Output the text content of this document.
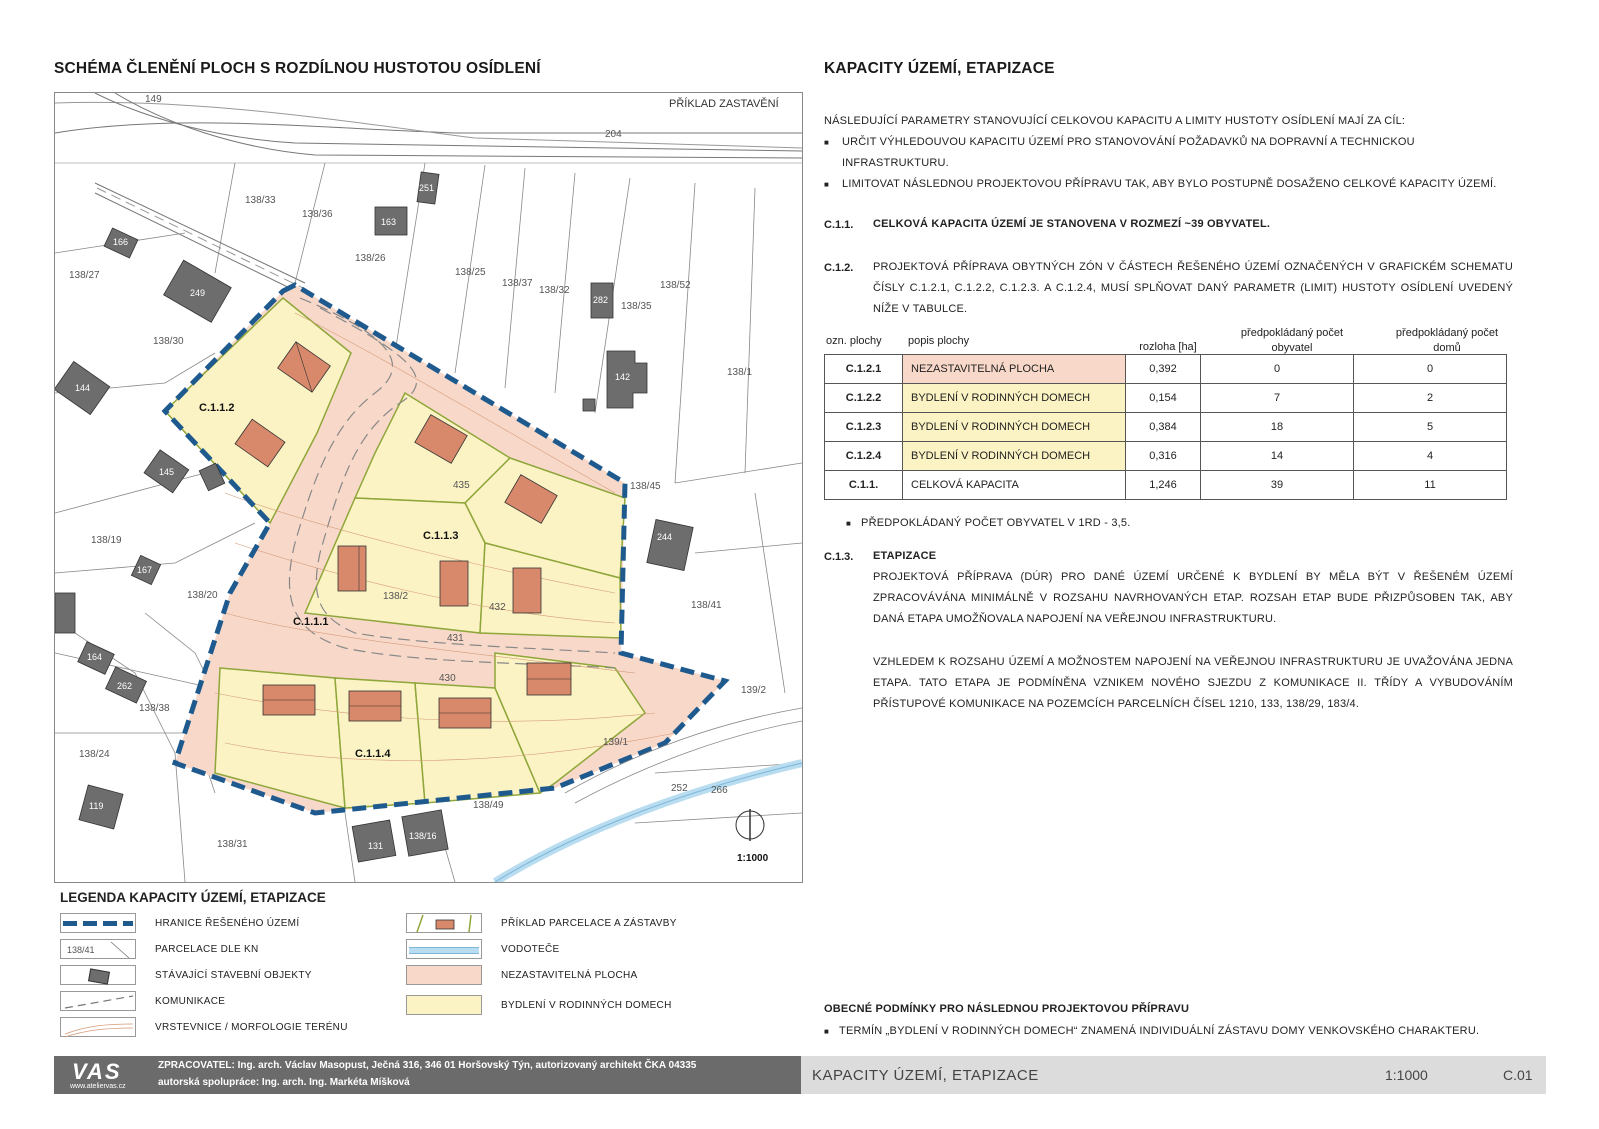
SCHÉMA ČLENĚNÍ PLOCH S ROZDÍLNOU HUSTOTOU OSÍDLENÍ	KAPACITY ÚZEMÍ, ETAPIZACE
138/33
138/36
138/26
138/25
138/37
138/32
138/35
138/52
138/27
138/30
138/1
138/19
138/20
138/41
138/24
138/38
138/31
138/49
138/2
139/2
139/1
138/45
435
432
431
430
252 266
149
204
251
163
166
249
144
145
142
282
244
167
164
262
119
131
138/16
C.1.1.2
C.1.1.3
C.1.1.1
C.1.1.4
PŘÍKLAD ZASTAVĚNÍ
1:1000
LEGENDA KAPACITY ÚZEMÍ, ETAPIZACE
HRANICE ŘEŠENÉHO ÚZEMÍ
138/41	PARCELACE DLE KN
STÁVAJÍCÍ STAVEBNÍ OBJEKTY
KOMUNIKACE
VRSTEVNICE / MORFOLOGIE TERÉNU
PŘÍKLAD PARCELACE A ZÁSTAVBY
VODOTEČE
NEZASTAVITELNÁ PLOCHA
BYDLENÍ V RODINNÝCH DOMECH
NÁSLEDUJÍCÍ PARAMETRY STANOVUJÍCÍ CELKOVOU KAPACITU A LIMITY HUSTOTY OSÍDLENÍ MAJÍ ZA CÍL:
■ URČIT VÝHLEDOUVOU KAPACITU ÚZEMÍ PRO STANOVOVÁNÍ POŽADAVKŮ NA DOPRAVNÍ A TECHNICKOU INFRASTRUKTURU.
■ LIMITOVAT NÁSLEDNOU PROJEKTOVOU PŘÍPRAVU TAK, ABY BYLO POSTUPNĚ DOSAŽENO CELKOVÉ KAPACITY ÚZEMÍ.
C.1.1. CELKOVÁ KAPACITA ÚZEMÍ JE STANOVENA V ROZMEZÍ ~39 OBYVATEL.
C.1.2. PROJEKTOVÁ PŘÍPRAVA OBYTNÝCH ZÓN V ČÁSTECH ŘEŠENÉHO ÚZEMÍ OZNAČENÝCH V GRAFICKÉM SCHEMATU ČÍSLY C.1.2.1, C.1.2.2, C.1.2.3. A C.1.2.4, MUSÍ SPLŇOVAT DANÝ PARAMETR (LIMIT) HUSTOTY OSÍDLENÍ UVEDENÝ NÍŽE V TABULCE.
ozn. plochy popis plochy	rozloha [ha]
předpokládaný počet obyvatel
předpokládaný počet domů
C.1.2.1	NEZASTAVITELNÁ PLOCHA	0,392	0	0
C.1.2.2	BYDLENÍ V RODINNÝCH DOMECH	0,154	7	2
C.1.2.3	BYDLENÍ V RODINNÝCH DOMECH	0,384	18	5
C.1.2.4	BYDLENÍ V RODINNÝCH DOMECH	0,316	14	4
C.1.1.	CELKOVÁ KAPACITA	1,246	39	11
■ PŘEDPOKLÁDANÝ POČET OBYVATEL V 1RD - 3,5.
C.1.3. ETAPIZACE
PROJEKTOVÁ PŘÍPRAVA (DÚR) PRO DANÉ ÚZEMÍ URČENÉ K BYDLENÍ BY MĚLA BÝT V ŘEŠENÉM ÚZEMÍ ZPRACOVÁVÁNA MINIMÁLNĚ V ROZSAHU NAVRHOVANÝCH ETAP. ROZSAH ETAP BUDE PŘIZPŮSOBEN TAK, ABY DANÁ ETAPA UMOŽŇOVALA NAPOJENÍ NA VEŘEJNOU INFRASTRUKTURU.
VZHLEDEM K ROZSAHU ÚZEMÍ A MOŽNOSTEM NAPOJENÍ NA VEŘEJNOU INFRASTRUKTURU JE UVAŽOVÁNA JEDNA ETAPA. TATO ETAPA JE PODMÍNĚNA VZNIKEM NOVÉHO SJEZDU Z KOMUNIKACE II. TŘÍDY A VYBUDOVÁNÍM PŘÍSTUPOVÉ KOMUNIKACE NA POZEMCÍCH PARCELNÍCH ČÍSEL 1210, 133, 138/29, 183/4.
OBECNÉ PODMÍNKY PRO NÁSLEDNOU PROJEKTOVOU PŘÍPRAVU
■ TERMÍN „BYDLENÍ V RODINNÝCH DOMECH“ ZNAMENÁ INDIVIDUÁLNÍ ZÁSTAVU DOMY VENKOVSKÉHO CHARAKTERU.
VAS
www.ateliervas.cz
ZPRACOVATEL: Ing. arch. Václav Masopust, Ječná 316, 346 01 Horšovský Týn, autorizovaný architekt ČKA 04335
autorská spolupráce: Ing. arch. Ing. Markéta Míšková	KAPACITY ÚZEMÍ, ETAPIZACE	1:1000	C.01
